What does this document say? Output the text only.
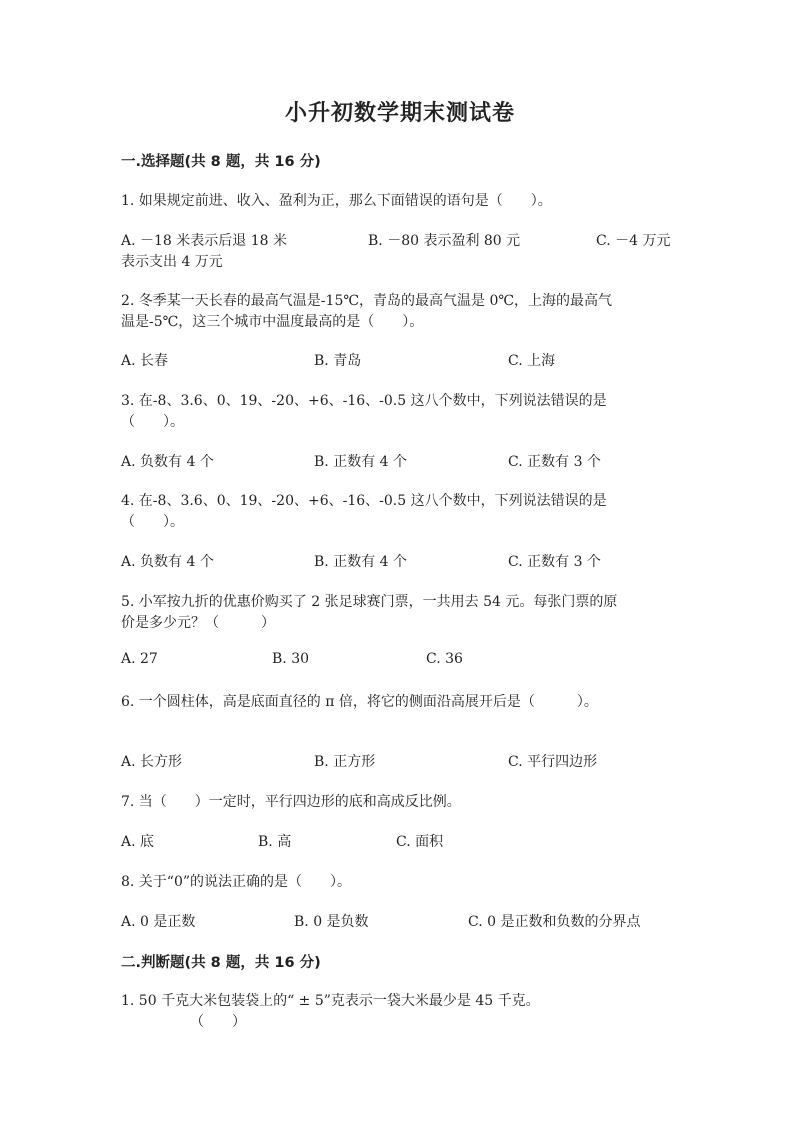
小升初数学期末测试卷
一.选择题(共 8 题，共 16 分)
1. 如果规定前进、收入、盈利为正，那么下面错误的语句是（　　）。
A. －18 米表示后退 18 米	B. －80 表示盈利 80 元	C. －4 万元
表示支出 4 万元
2. 冬季某一天长春的最高气温是-15℃，青岛的最高气温是 0℃，上海的最高气
温是-5℃，这三个城市中温度最高的是（　　）。
A. 长春	B. 青岛	C. 上海
3. 在-8、3.6、0、19、-20、+6、-16、-0.5 这八个数中，下列说法错误的是
（　　）。
A. 负数有 4 个	B. 正数有 4 个	C. 正数有 3 个
4. 在-8、3.6、0、19、-20、+6、-16、-0.5 这八个数中，下列说法错误的是
（　　）。
A. 负数有 4 个	B. 正数有 4 个	C. 正数有 3 个
5. 小军按九折的优惠价购买了 2 张足球赛门票，一共用去 54 元。每张门票的原
价是多少元？（　　　）
A. 27	B. 30	C. 36
6. 一个圆柱体，高是底面直径的 π 倍，将它的侧面沿高展开后是（　　　）。
A. 长方形	B. 正方形	C. 平行四边形
7. 当（　　）一定时，平行四边形的底和高成反比例。
A. 底	B. 高	C. 面积
8. 关于“0”的说法正确的是（　　）。
A. 0 是正数	B. 0 是负数	C. 0 是正数和负数的分界点
二.判断题(共 8 题，共 16 分)
1. 50 千克大米包装袋上的“ ± 5”克表示一袋大米最少是 45 千克。
（　　）
